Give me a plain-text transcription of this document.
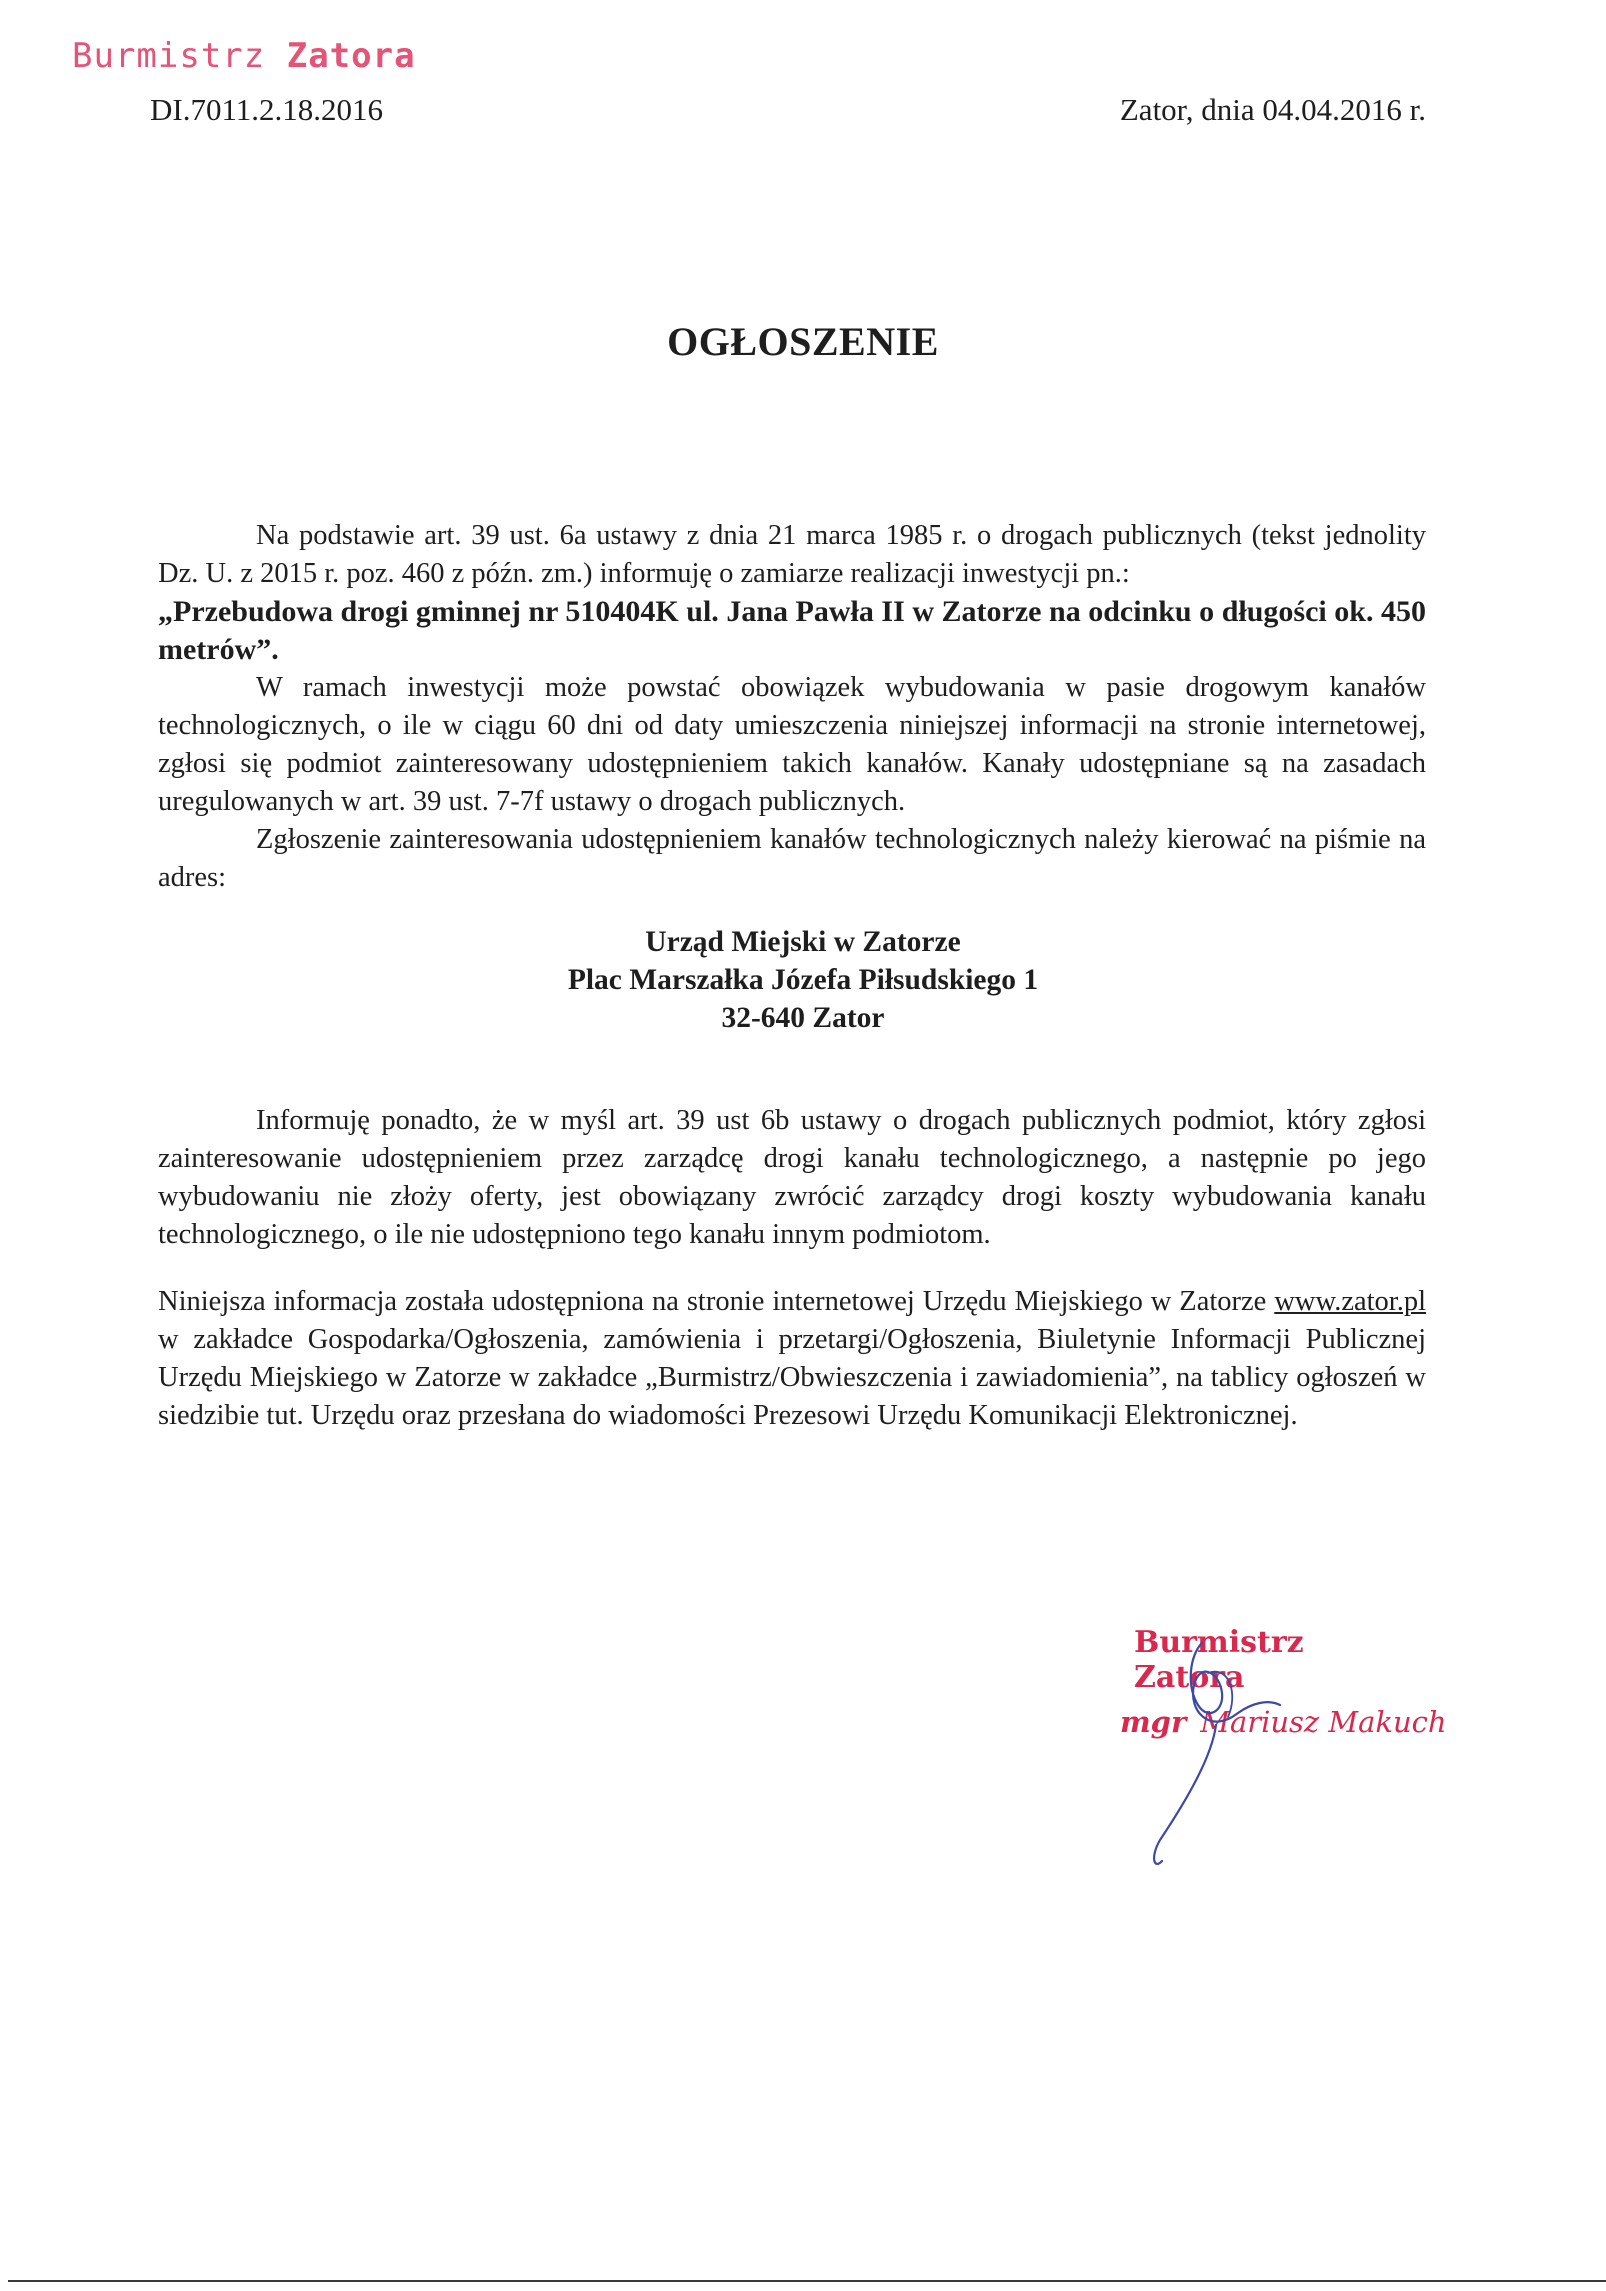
Burmistrz Zatora
DI.7011.2.18.2016	Zator, dnia 04.04.2016 r.
OGŁOSZENIE

Na podstawie art. 39 ust. 6a ustawy z dnia 21 marca 1985 r. o drogach publicznych (tekst jednolity Dz. U. z 2015 r. poz. 460 z późn. zm.) informuję o zamiarze realizacji inwestycji pn.:

„Przebudowa drogi gminnej nr 510404K ul. Jana Pawła II w Zatorze na odcinku o długości ok. 450 metrów”.

W ramach inwestycji może powstać obowiązek wybudowania w pasie drogowym kanałów technologicznych, o ile w ciągu 60 dni od daty umieszczenia niniejszej informacji na stronie internetowej, zgłosi się podmiot zainteresowany udostępnieniem takich kanałów. Kanały udostępniane są na zasadach uregulowanych w art. 39 ust. 7-7f ustawy o drogach publicznych.

Zgłoszenie zainteresowania udostępnieniem kanałów technologicznych należy kierować na piśmie na adres:

Urząd Miejski w Zatorze
Plac Marszałka Józefa Piłsudskiego 1
32-640 Zator

Informuję ponadto, że w myśl art. 39 ust 6b ustawy o drogach publicznych podmiot, który zgłosi zainteresowanie udostępnieniem przez zarządcę drogi kanału technologicznego, a następnie po jego wybudowaniu nie złoży oferty, jest obowiązany zwrócić zarządcy drogi koszty wybudowania kanału technologicznego, o ile nie udostępniono tego kanału innym podmiotom.

Niniejsza informacja została udostępniona na stronie internetowej Urzędu Miejskiego w Zatorze www.zator.pl w zakładce Gospodarka/Ogłoszenia, zamówienia i przetargi/Ogłoszenia, Biuletynie Informacji Publicznej Urzędu Miejskiego w Zatorze w zakładce „Burmistrz/Obwieszczenia i zawiadomienia”, na tablicy ogłoszeń w siedzibie tut. Urzędu oraz przesłana do wiadomości Prezesowi Urzędu Komunikacji Elektronicznej.

Burmistrz Zatora
mgr Mariusz Makuch
